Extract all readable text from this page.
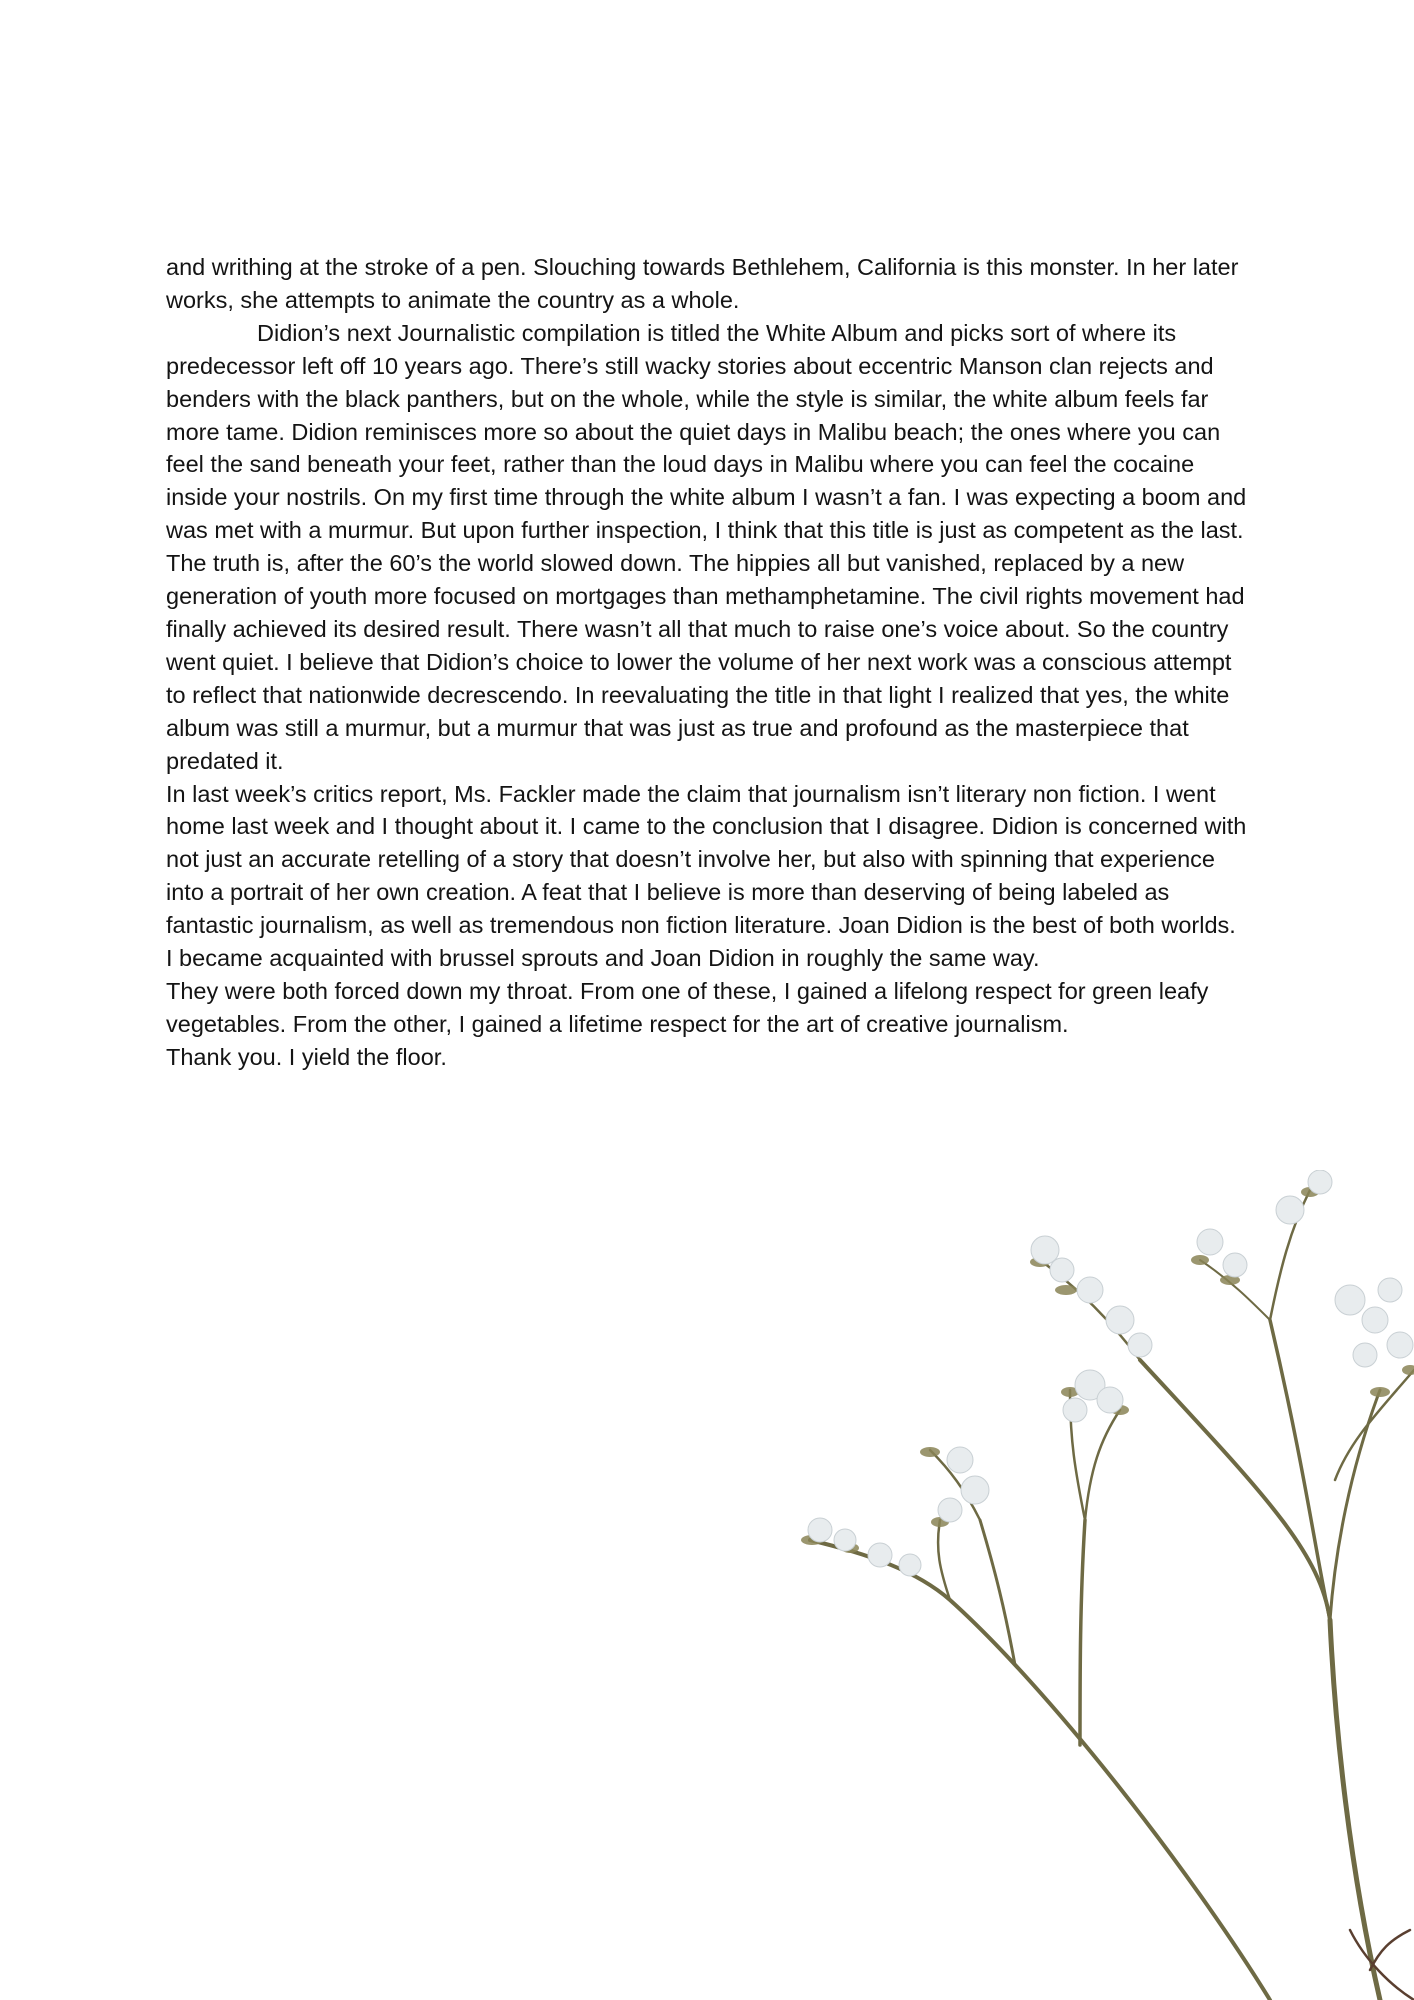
and writhing at the stroke of a pen. Slouching towards Bethlehem, California is this monster. In her later works, she attempts to animate the country as a whole.

Didion’s next Journalistic compilation is titled the White Album and picks sort of where its predecessor left off 10 years ago. There’s still wacky stories about eccentric Manson clan rejects and benders with the black panthers, but on the whole, while the style is similar, the white album feels far more tame. Didion reminisces more so about the quiet days in Malibu beach; the ones where you can feel the sand beneath your feet, rather than the loud days in Malibu where you can feel the cocaine inside your nostrils. On my first time through the white album I wasn’t a fan. I was expecting a boom and was met with a murmur. But upon further inspection, I think that this title is just as competent as the last. The truth is, after the 60’s the world slowed down. The hippies all but vanished, replaced by a new generation of youth more focused on mortgages than methamphetamine. The civil rights movement had finally achieved its desired result. There wasn’t all that much to raise one’s voice about. So the country went quiet. I believe that Didion’s choice to lower the volume of her next work was a conscious attempt to reflect that nationwide decrescendo. In reevaluating the title in that light I realized that yes, the white album was still a murmur, but a murmur that was just as true and profound as the masterpiece that predated it.

In last week’s critics report, Ms. Fackler made the claim that journalism isn’t literary non fiction. I went home last week and I thought about it. I came to the conclusion that I disagree. Didion is concerned with not just an accurate retelling of a story that doesn’t involve her, but also with spinning that experience into a portrait of her own creation. A feat that I believe is more than deserving of being labeled as fantastic journalism, as well as tremendous non fiction literature. Joan Didion is the best of both worlds.

I became acquainted with brussel sprouts and Joan Didion in roughly the same way.

They were both forced down my throat. From one of these, I gained a lifelong respect for green leafy vegetables. From the other, I gained a lifetime respect for the art of creative journalism.

Thank you. I yield the floor.
